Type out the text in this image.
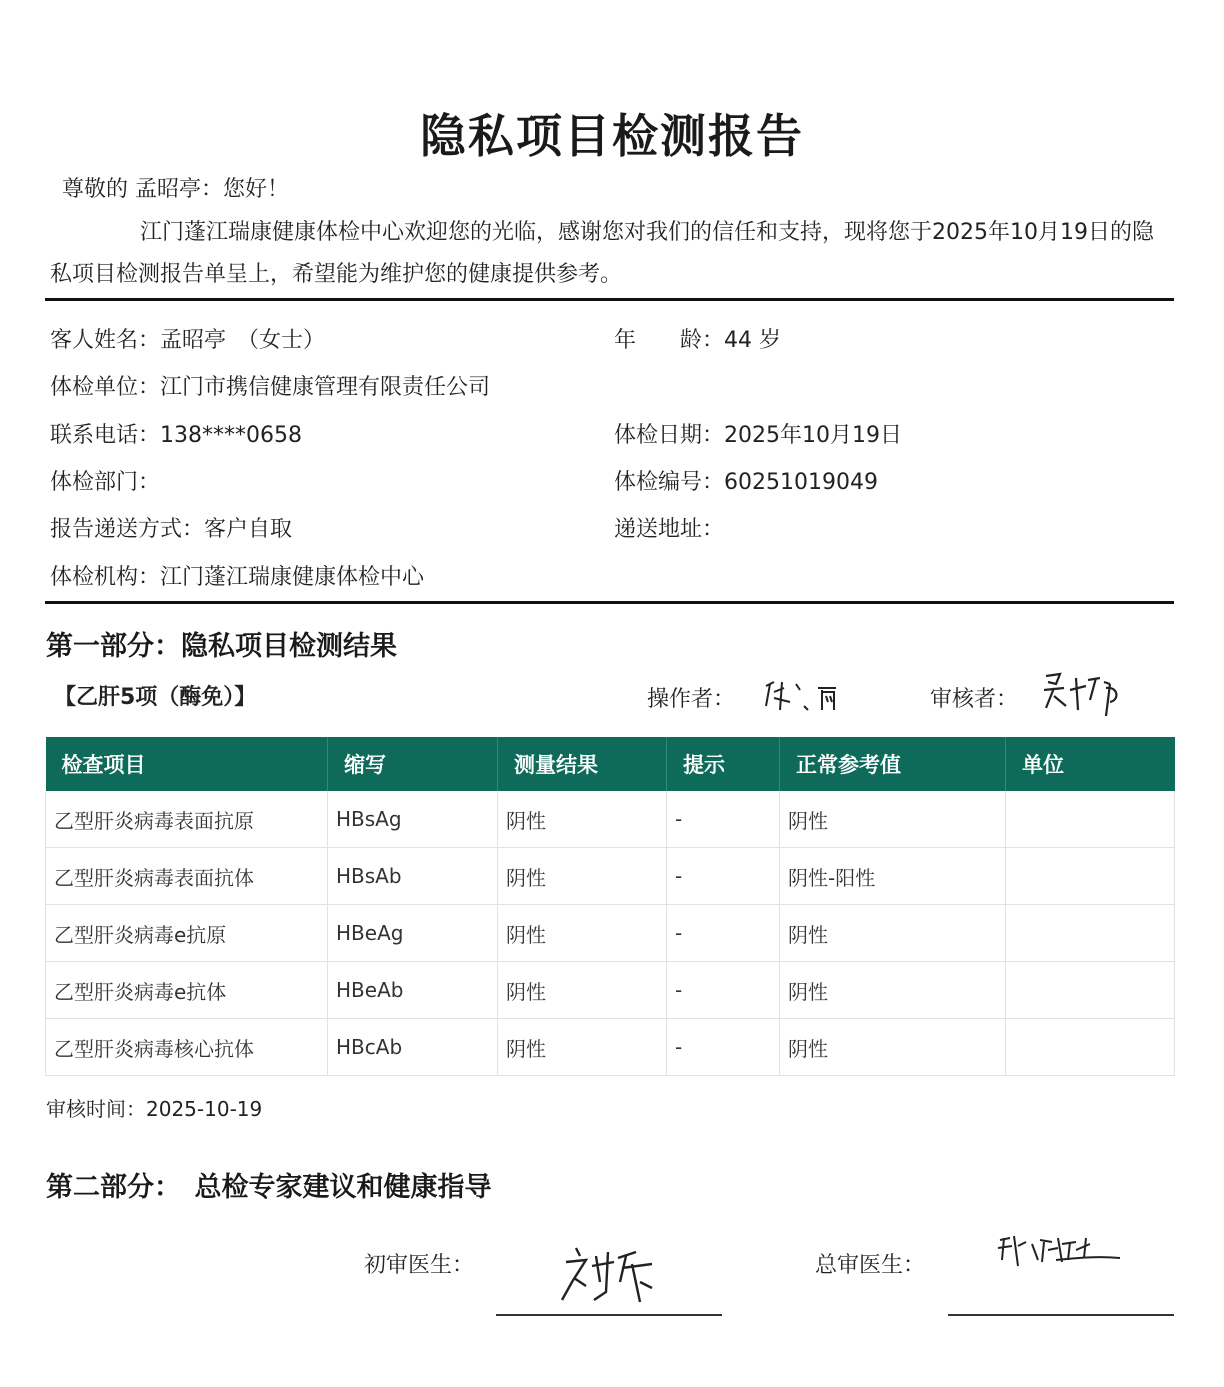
隐私项目检测报告
尊敬的 孟昭亭：您好！
江门蓬江瑞康健康体检中心欢迎您的光临，感谢您对我们的信任和支持，现将您于2025年10月19日的隐私项目检测报告单呈上，希望能为维护您的健康提供参考。
客人姓名：孟昭亭　（女士）	年　　龄：44 岁
体检单位：江门市携信健康管理有限责任公司
联系电话：138****0658	体检日期：2025年10月19日
体检部门：	体检编号：60251019049
报告递送方式：客户自取	递送地址：
体检机构：江门蓬江瑞康健康体检中心
第一部分：隐私项目检测结果
【乙肝5项（酶免）】	操作者：	审核者：
检查项目	缩写	测量结果	提示	正常参考值	单位
乙型肝炎病毒表面抗原	HBsAg	阴性	-	阴性	
乙型肝炎病毒表面抗体	HBsAb	阴性	-	阴性-阳性	
乙型肝炎病毒e抗原	HBeAg	阴性	-	阴性	
乙型肝炎病毒e抗体	HBeAb	阴性	-	阴性	
乙型肝炎病毒核心抗体	HBcAb	阴性	-	阴性	
审核时间：2025-10-19
第二部分：　总检专家建议和健康指导
初审医生：	总审医生：
